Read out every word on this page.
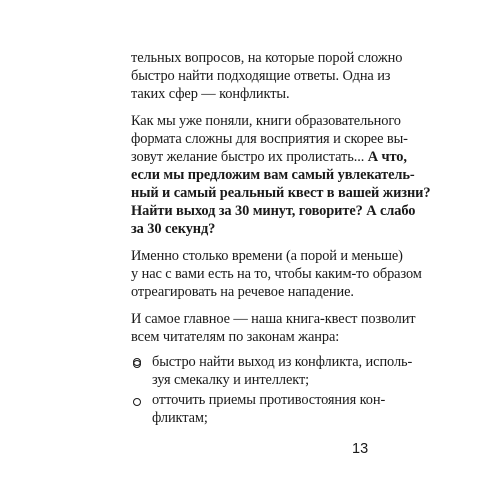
тельных вопросов, на которые порой сложно
быстро найти подходящие ответы. Одна из
таких сфер — конфликты.
Как мы уже поняли, книги образовательного
формата сложны для восприятия и скорее вы-
зовут желание быстро их пролистать... А что,
если мы предложим вам самый увлекатель-
ный и самый реальный квест в вашей жизни?
Найти выход за 30 минут, говорите? А слабо
за 30 секунд?
Именно столько времени (а порой и меньше)
у нас с вами есть на то, чтобы каким-то образом
отреагировать на речевое нападение.
И самое главное — наша книга-квест позволит
всем читателям по законам жанра:
быстро найти выход из конфликта, исполь-
зуя смекалку и интеллект;
отточить приемы противостояния кон-
фликтам;
13
